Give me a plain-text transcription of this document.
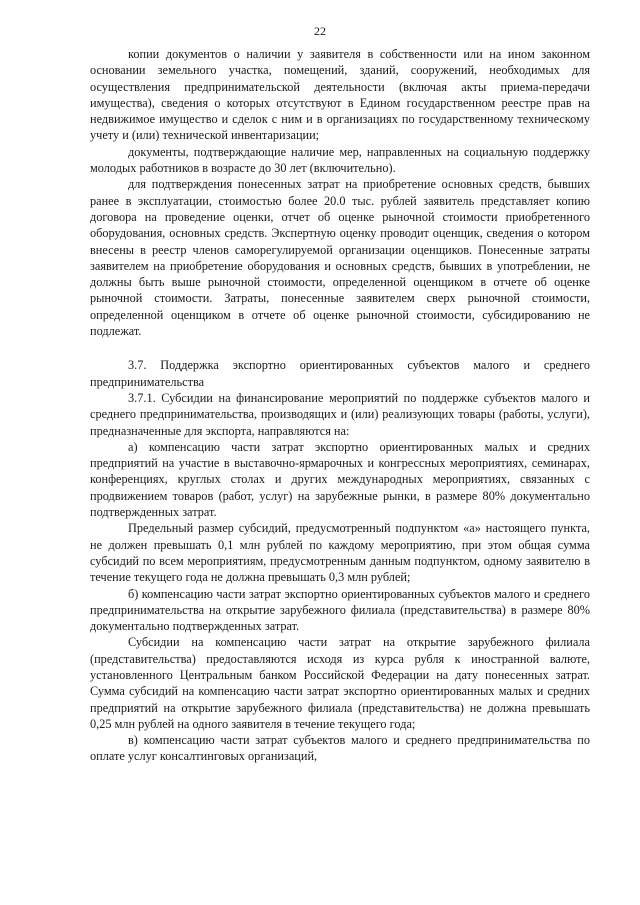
22

копии документов о наличии у заявителя в собственности или на ином законном основании земельного участка, помещений, зданий, сооружений, необходимых для осуществления предпринимательской деятельности (включая акты приема-передачи имущества), сведения о которых отсутствуют в Едином государственном реестре прав на недвижимое имущество и сделок с ним и в организациях по государственному техническому учету и (или) технической инвентаризации;

документы, подтверждающие наличие мер, направленных на социальную поддержку молодых работников в возрасте до 30 лет (включительно).

для подтверждения понесенных затрат на приобретение основных средств, бывших ранее в эксплуатации, стоимостью более 20.0 тыс. рублей заявитель представляет копию договора на проведение оценки, отчет об оценке рыночной стоимости приобретенного оборудования, основных средств. Экспертную оценку проводит оценщик, сведения о котором внесены в реестр членов саморегулируемой организации оценщиков. Понесенные затраты заявителем на приобретение оборудования и основных средств, бывших в употреблении, не должны быть выше рыночной стоимости, определенной оценщиком в отчете об оценке рыночной стоимости. Затраты, понесенные заявителем сверх рыночной стоимости, определенной оценщиком в отчете об оценке рыночной стоимости, субсидированию не подлежат.

3.7. Поддержка экспортно ориентированных субъектов малого и среднего предпринимательства

3.7.1. Субсидии на финансирование мероприятий по поддержке субъектов малого и среднего предпринимательства, производящих и (или) реализующих товары (работы, услуги), предназначенные для экспорта, направляются на:

а) компенсацию части затрат экспортно ориентированных малых и средних предприятий на участие в выставочно-ярмарочных и конгрессных мероприятиях, семинарах, конференциях, круглых столах и других международных мероприятиях, связанных с продвижением товаров (работ, услуг) на зарубежные рынки, в размере 80% документально подтвержденных затрат.

Предельный размер субсидий, предусмотренный подпунктом «а» настоящего пункта, не должен превышать 0,1 млн рублей по каждому мероприятию, при этом общая сумма субсидий по всем мероприятиям, предусмотренным данным подпунктом, одному заявителю в течение текущего года не должна превышать 0,3 млн рублей;

б) компенсацию части затрат экспортно ориентированных субъектов малого и среднего предпринимательства на открытие зарубежного филиала (представительства) в размере 80% документально подтвержденных затрат.

Субсидии на компенсацию части затрат на открытие зарубежного филиала (представительства) предоставляются исходя из курса рубля к иностранной валюте, установленного Центральным банком Российской Федерации на дату понесенных затрат. Сумма субсидий на компенсацию части затрат экспортно ориентированных малых и средних предприятий на открытие зарубежного филиала (представительства) не должна превышать 0,25 млн рублей на одного заявителя в течение текущего года;

в) компенсацию части затрат субъектов малого и среднего предпринимательства по оплате услуг консалтинговых организаций,
